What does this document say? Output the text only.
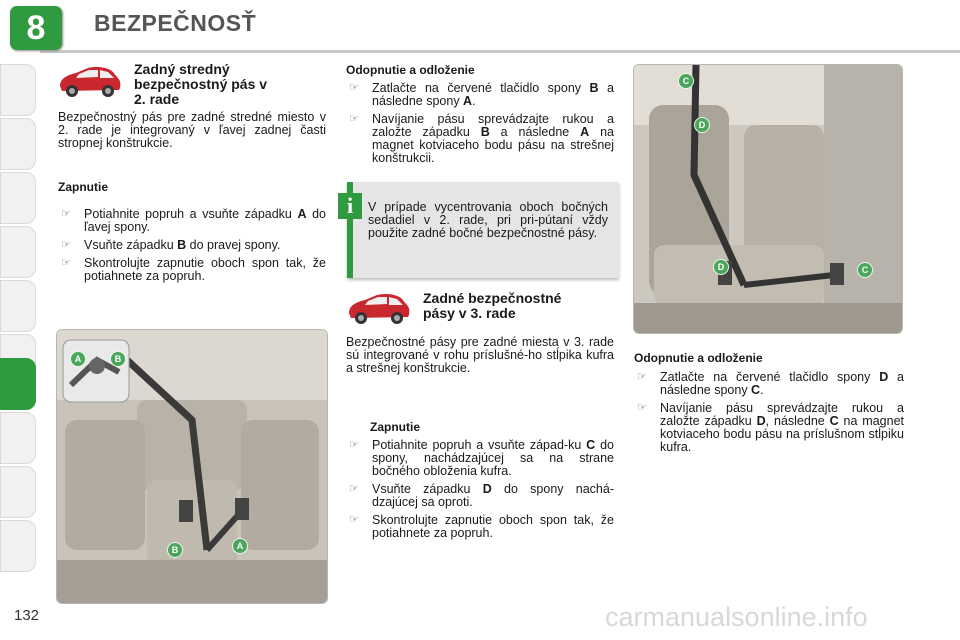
8	BEZPEČNOSŤ
Zadný stredný
bezpečnostný pás v
2. rade
Bezpečnostný pás pre zadné stredné miesto v 2. rade je integrovaný v ľavej zadnej časti stropnej konštrukcie.
Zapnutie
☞ Potiahnite popruh a vsuňte západku A do ľavej spony.
☞ Vsuňte západku B do pravej spony.
☞ Skontrolujte zapnutie oboch spon tak, že potiahnete za popruh.
A	B
B	A
Odopnutie a odloženie
☞ Zatlačte na červené tlačidlo spony B a následne spony A.
☞ Navíjanie pásu sprevádzajte rukou a založte západku B a následne A na magnet kotviaceho bodu pásu na strešnej konštrukcii.
i	V prípade vycentrovania oboch bočných sedadiel v 2. rade, pri pri-pútaní vždy použite zadné bočné bezpečnostné pásy.
Zadné bezpečnostné
pásy v 3. rade
Bezpečnostné pásy pre zadné miesta v 3. rade sú integrované v rohu príslušné-ho stĺpika kufra a strešnej konštrukcie.
Zapnutie
☞ Potiahnite popruh a vsuňte západ-ku C do spony, nachádzajúcej sa na strane bočného obloženia kufra.
☞ Vsuňte západku D do spony nachá-dzajúcej sa oproti.
☞ Skontrolujte zapnutie oboch spon tak, že potiahnete za popruh.
C
D
D	C
Odopnutie a odloženie
☞ Zatlačte na červené tlačidlo spony D a následne spony C.
☞ Navíjanie pásu sprevádzajte rukou a založte západku D, následne C na magnet kotviaceho bodu pásu na príslušnom stĺpiku kufra.
132	carmanualsonline.info
